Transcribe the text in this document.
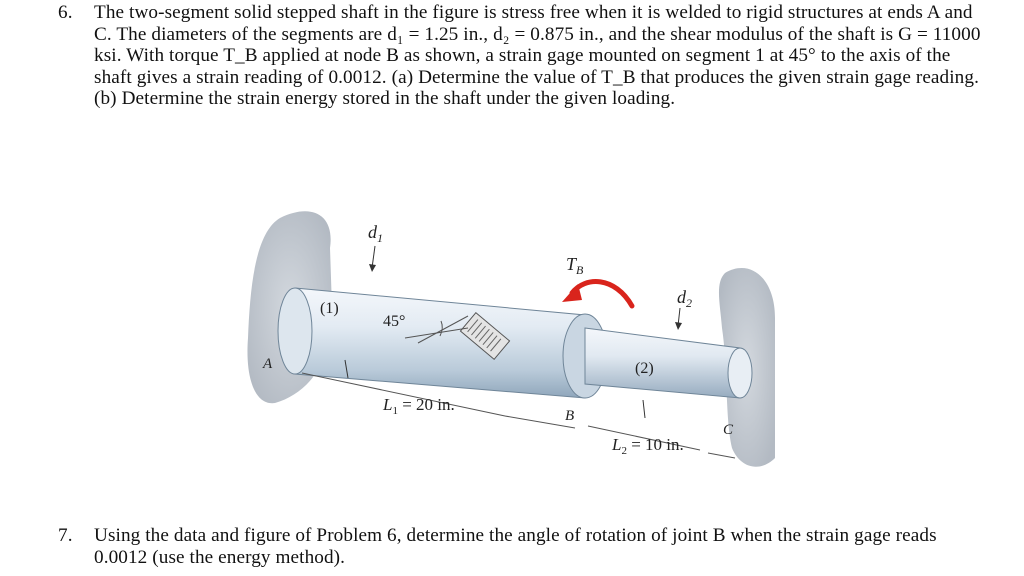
6. The two-segment solid stepped shaft in the figure is stress free when it is welded to rigid structures at ends A and C. The diameters of the segments are d₁ = 1.25 in., d₂ = 0.875 in., and the shear modulus of the shaft is G = 11000 ksi. With torque T_B applied at node B as shown, a strain gage mounted on segment 1 at 45° to the axis of the shaft gives a strain reading of 0.0012. (a) Determine the value of T_B that produces the given strain gage reading. (b) Determine the strain energy stored in the shaft under the given loading.
$d_1$
$T_B$
$d_2$
(1)
45°
A	(2)
B
C
$L_1 = 20$ in.
$L_2 = 10$ in.
7. Using the data and figure of Problem 6, determine the angle of rotation of joint B when the strain gage reads 0.0012 (use the energy method).
